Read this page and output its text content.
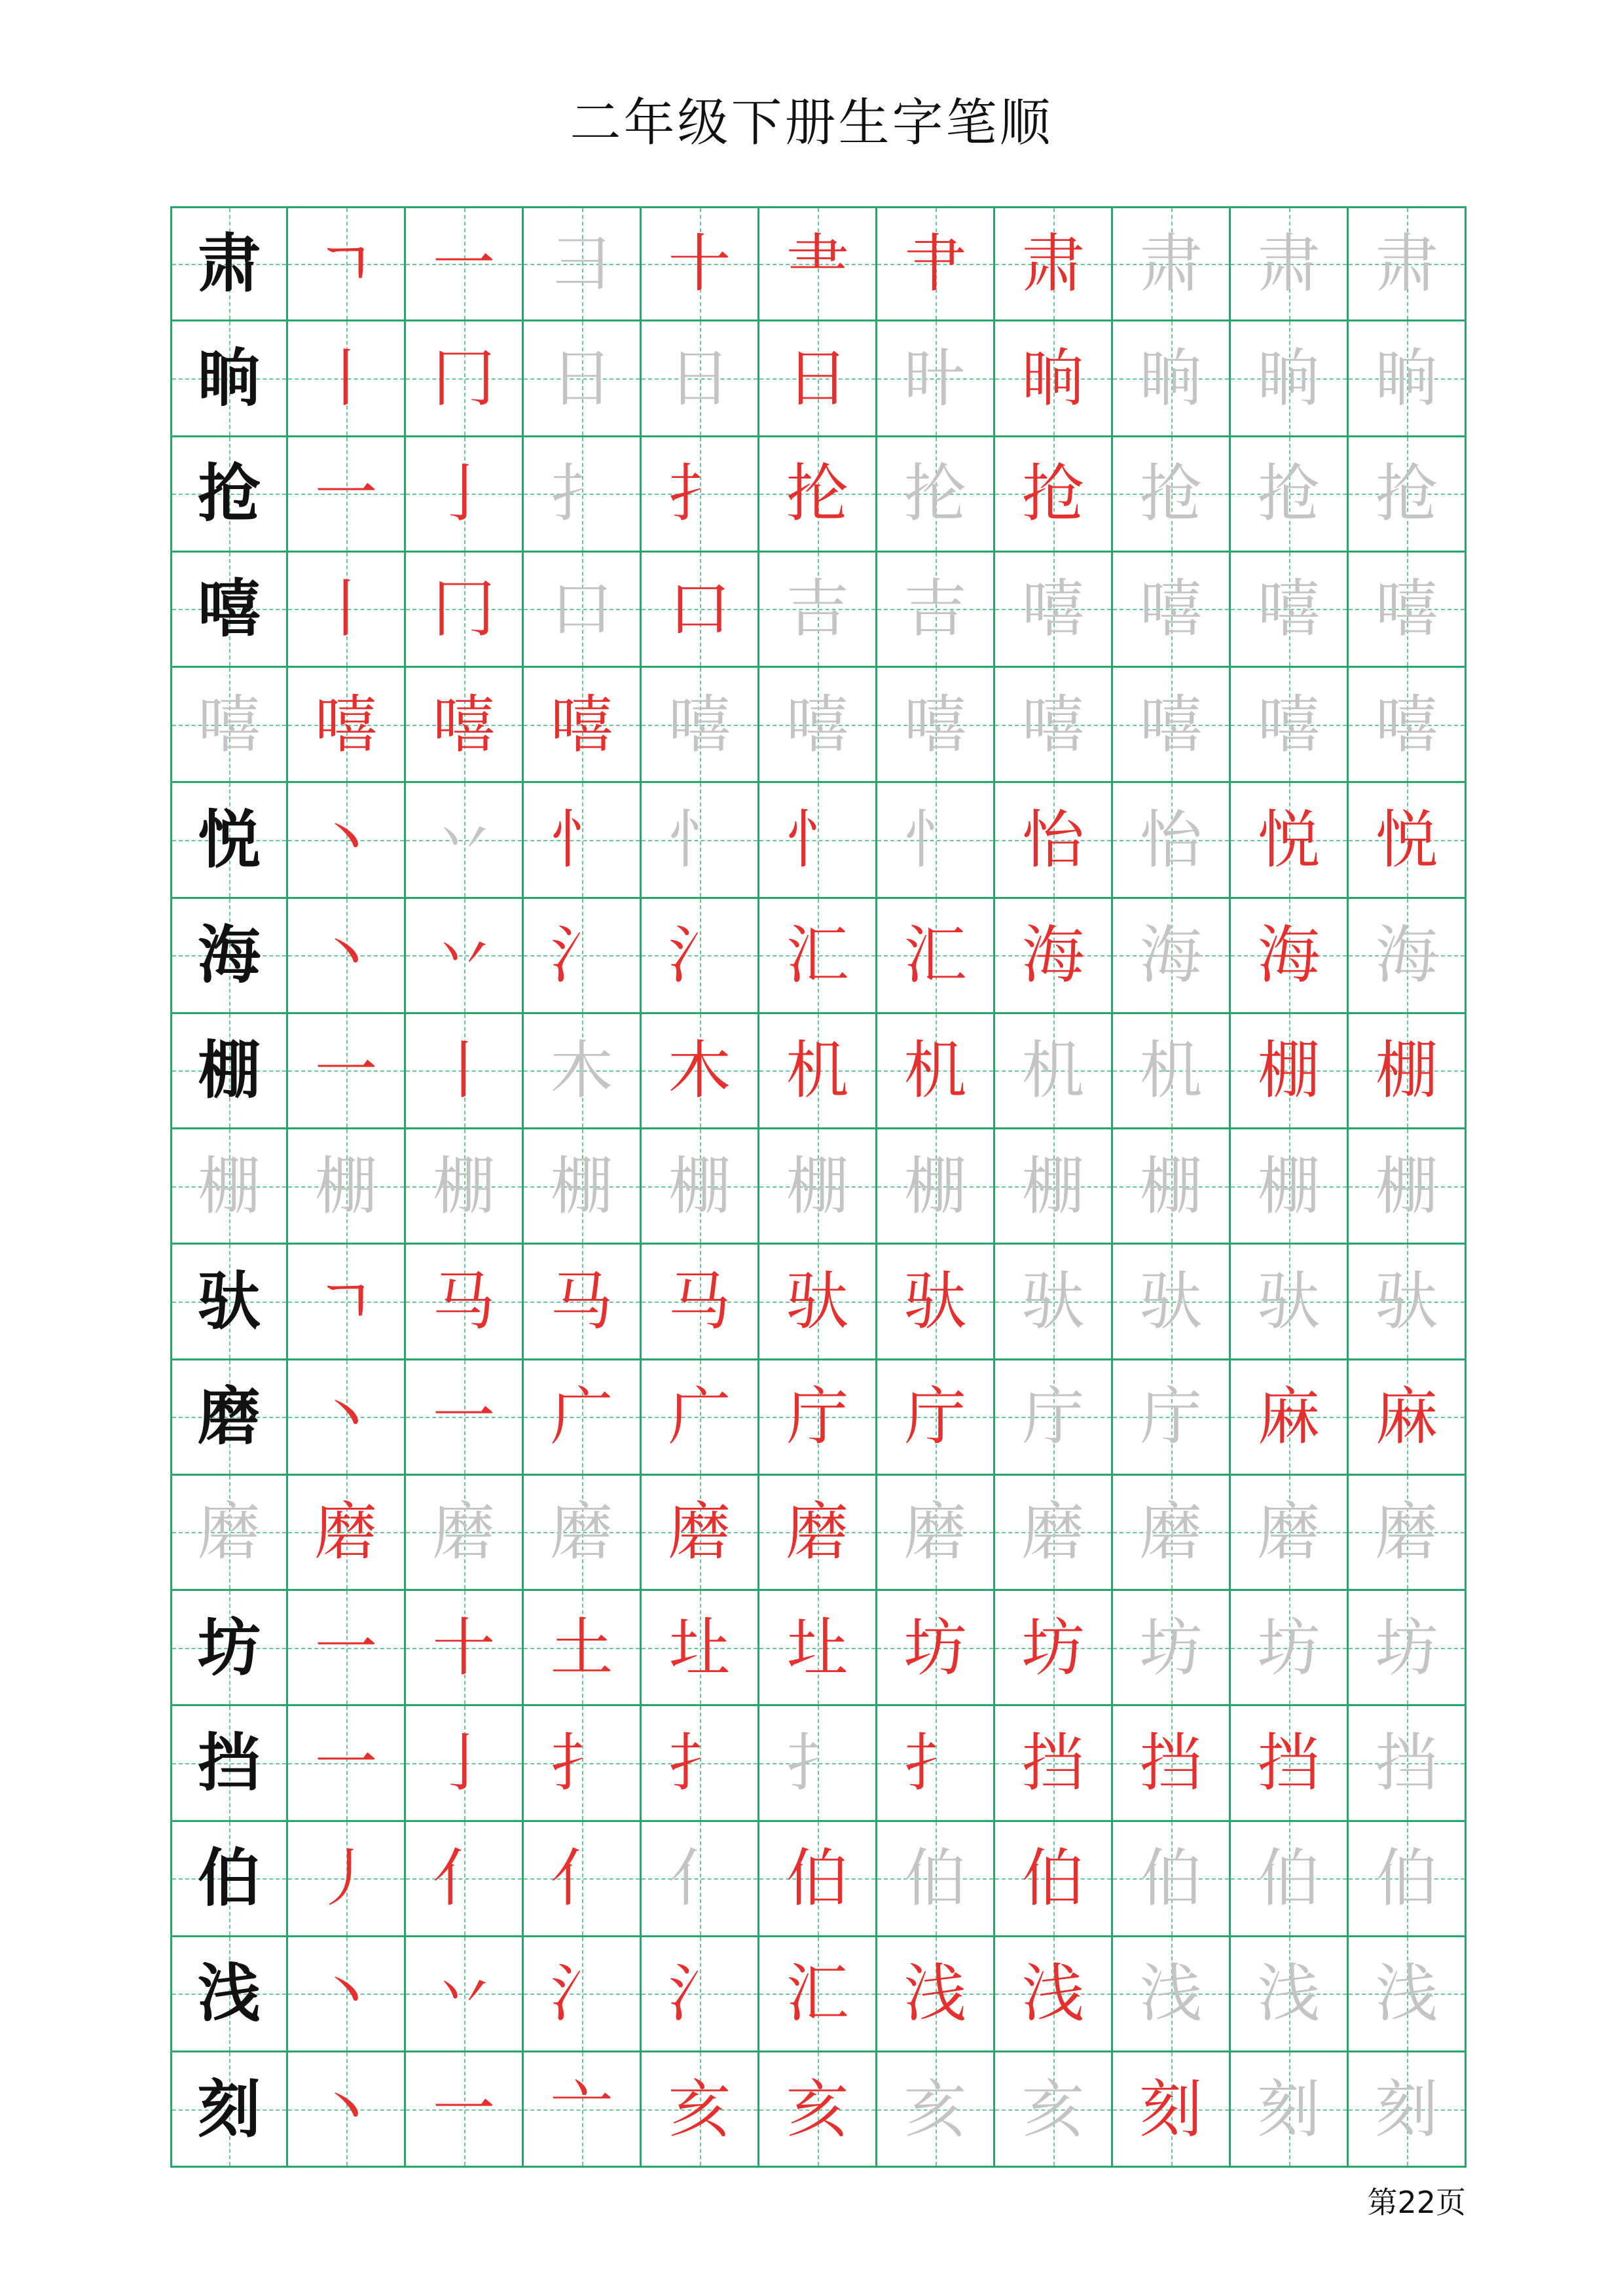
二年级下册生字笔顺
肃 ㄱ 一 ⺕ 十 ⺻ 肀 肃 肃 肃 肃
晌 丨 冂 日 日 日 旪 晌 晌 晌 晌
抢 一 亅 扌 扌 抡 抡 抢 抢 抢 抢
嘻 丨 冂 口 口 吉 吉 嘻 嘻 嘻 嘻
嘻 嘻 嘻 嘻 嘻 嘻 嘻 嘻 嘻 嘻 嘻
悦 丶 丷 忄 忄 忄 忄 怡 怡 悦 悦
海 丶 丷 氵 氵 汇 汇 海 海 海 海
棚 一 丨 木 木 机 机 机 机 棚 棚
棚 棚 棚 棚 棚 棚 棚 棚 棚 棚 棚
驮 ㄱ 马 马 马 驮 驮 驮 驮 驮 驮
磨 丶 一 广 广 庁 庁 庁 庁 麻 麻
磨 磨 磨 磨 磨 磨 磨 磨 磨 磨 磨
坊 一 十 土 圵 圵 坊 坊 坊 坊 坊
挡 一 亅 扌 扌 扌 扌 挡 挡 挡 挡
伯 丿 亻 亻 亻 伯 伯 伯 伯 伯 伯
浅 丶 丷 氵 氵 汇 浅 浅 浅 浅 浅
刻 丶 一 亠 亥 亥 亥 亥 刻 刻 刻
第22页
